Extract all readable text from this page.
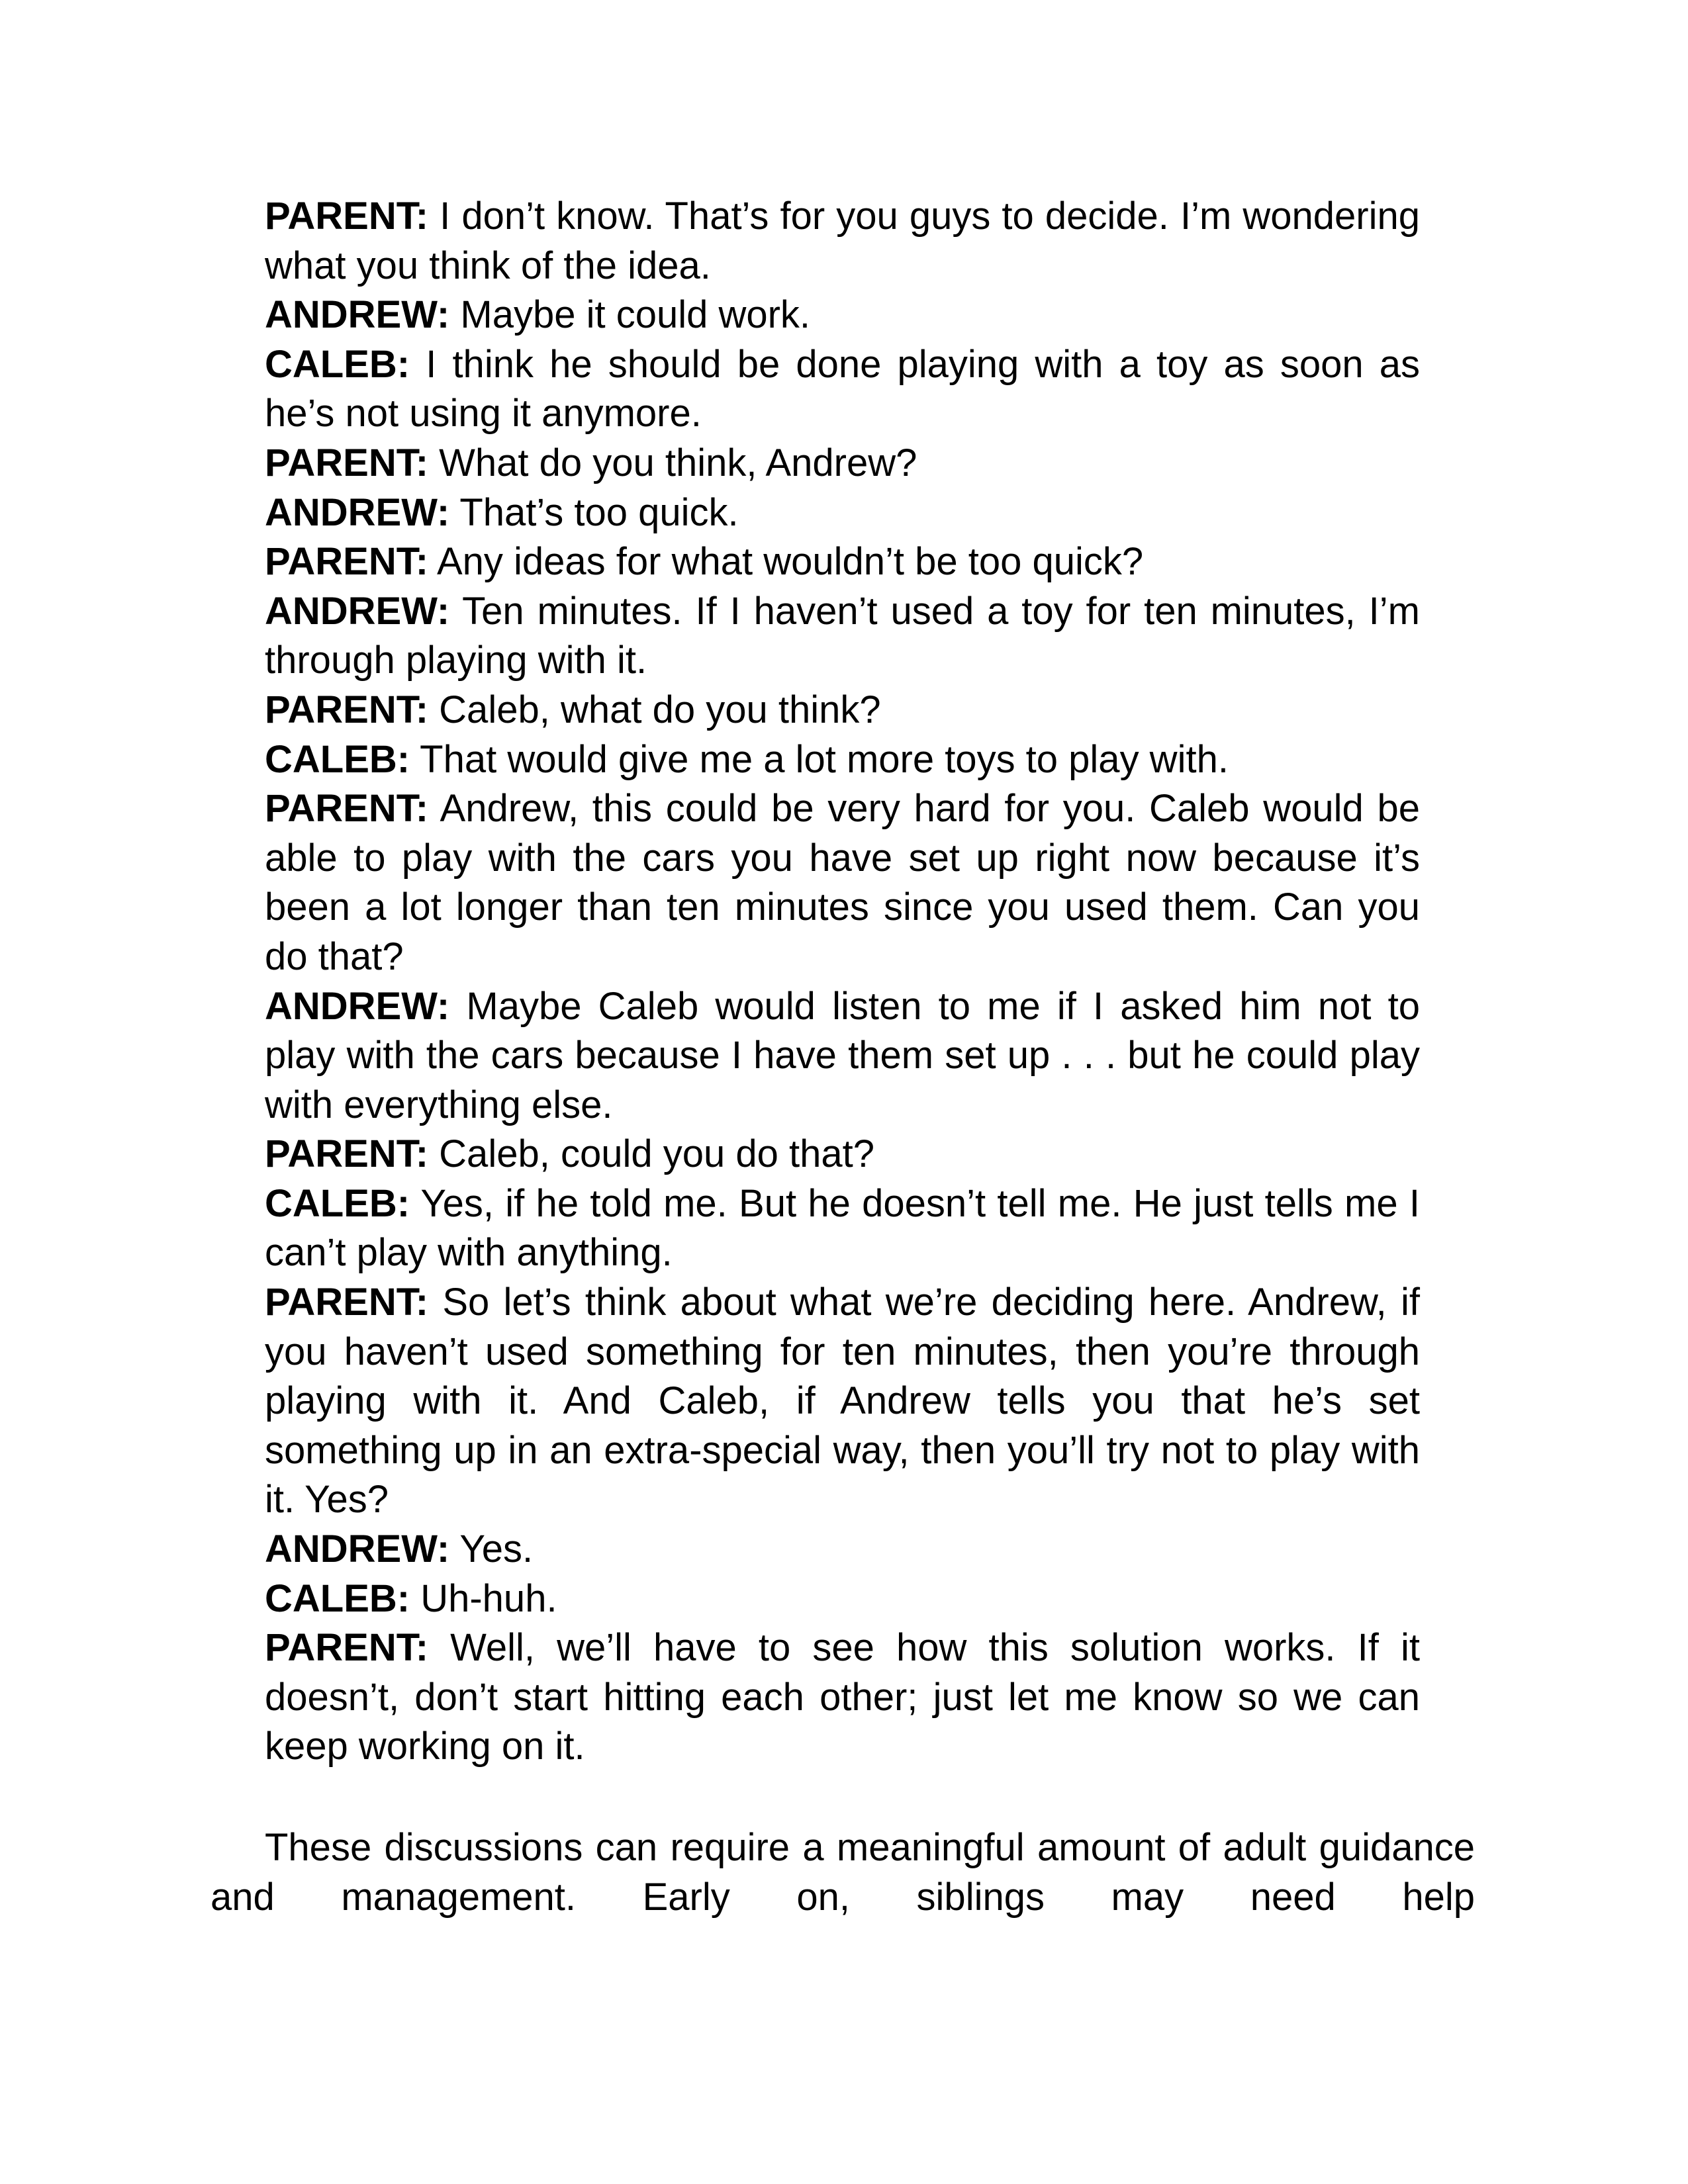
PARENT: I don’t know. That’s for you guys to decide. I’m wondering what you think of the idea.

ANDREW: Maybe it could work.

CALEB: I think he should be done playing with a toy as soon as he’s not using it anymore.

PARENT: What do you think, Andrew?

ANDREW: That’s too quick.

PARENT: Any ideas for what wouldn’t be too quick?

ANDREW: Ten minutes. If I haven’t used a toy for ten minutes, I’m through playing with it.

PARENT: Caleb, what do you think?

CALEB: That would give me a lot more toys to play with.

PARENT: Andrew, this could be very hard for you. Caleb would be able to play with the cars you have set up right now because it’s been a lot longer than ten minutes since you used them. Can you do that?

ANDREW: Maybe Caleb would listen to me if I asked him not to play with the cars because I have them set up . . . but he could play with everything else.

PARENT: Caleb, could you do that?

CALEB: Yes, if he told me. But he doesn’t tell me. He just tells me I can’t play with anything.

PARENT: So let’s think about what we’re deciding here. Andrew, if you haven’t used something for ten minutes, then you’re through playing with it. And Caleb, if Andrew tells you that he’s set something up in an extra-special way, then you’ll try not to play with it. Yes?

ANDREW: Yes.

CALEB: Uh-huh.

PARENT: Well, we’ll have to see how this solution works. If it doesn’t, don’t start hitting each other; just let me know so we can keep working on it.

These discussions can require a meaningful amount of adult guidance and management. Early on, siblings may need help
